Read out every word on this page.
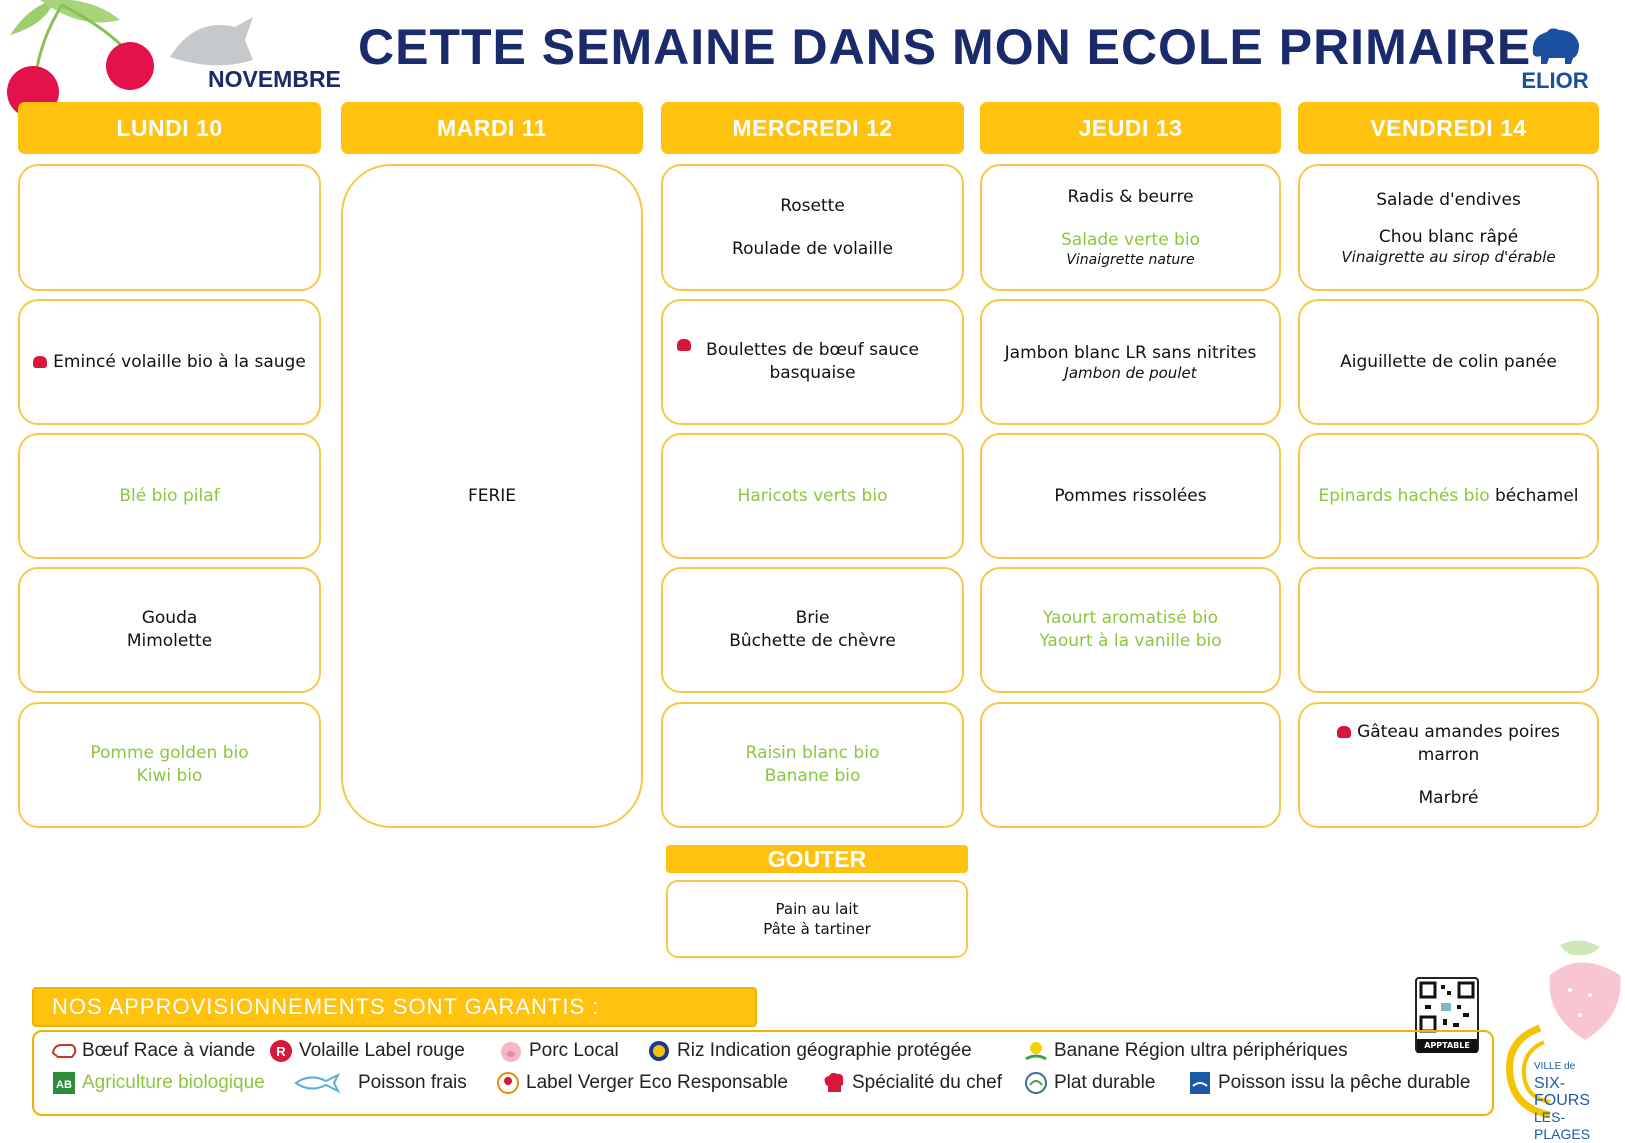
CETTE SEMAINE DANS MON ECOLE PRIMAIRE
NOVEMBRE	ELIOR
LUNDI 10	MARDI 11	MERCREDI 12	JEUDI 13	VENDREDI 14
Emincé volaille bio à la sauge
Blé bio pilaf
Gouda
Mimolette
Pomme golden bio
Kiwi bio
FERIE
Rosette
Roulade de volaille
Boulettes de bœuf sauce
basquaise
Haricots verts bio
Brie
Bûchette de chèvre
Raisin blanc bio
Banane bio
Radis & beurre
Salade verte bio
Vinaigrette nature
Jambon blanc LR sans nitrites
Jambon de poulet
Pommes rissolées
Yaourt aromatisé bio
Yaourt à la vanille bio
Salade d'endives
Chou blanc râpé
Vinaigrette au sirop d'érable
Aiguillette de colin panée
Epinards hachés bio béchamel
Gâteau amandes poires
marron
Marbré
GOUTER
Pain au lait
Pâte à tartiner
APPTABLE
NOS APPROVISIONNEMENTS SONT GARANTIS :
Bœuf Race à viande R Volaille Label rouge	Porc Local	Riz Indication géographie protégée	Banane Région ultra périphériques
AB Agriculture biologique	Poisson frais	Label Verger Eco Responsable	Spécialité du chef	Plat durable	Poisson issu la pêche durable
VILLE de
SIX-FOURS
LES-PLAGES
